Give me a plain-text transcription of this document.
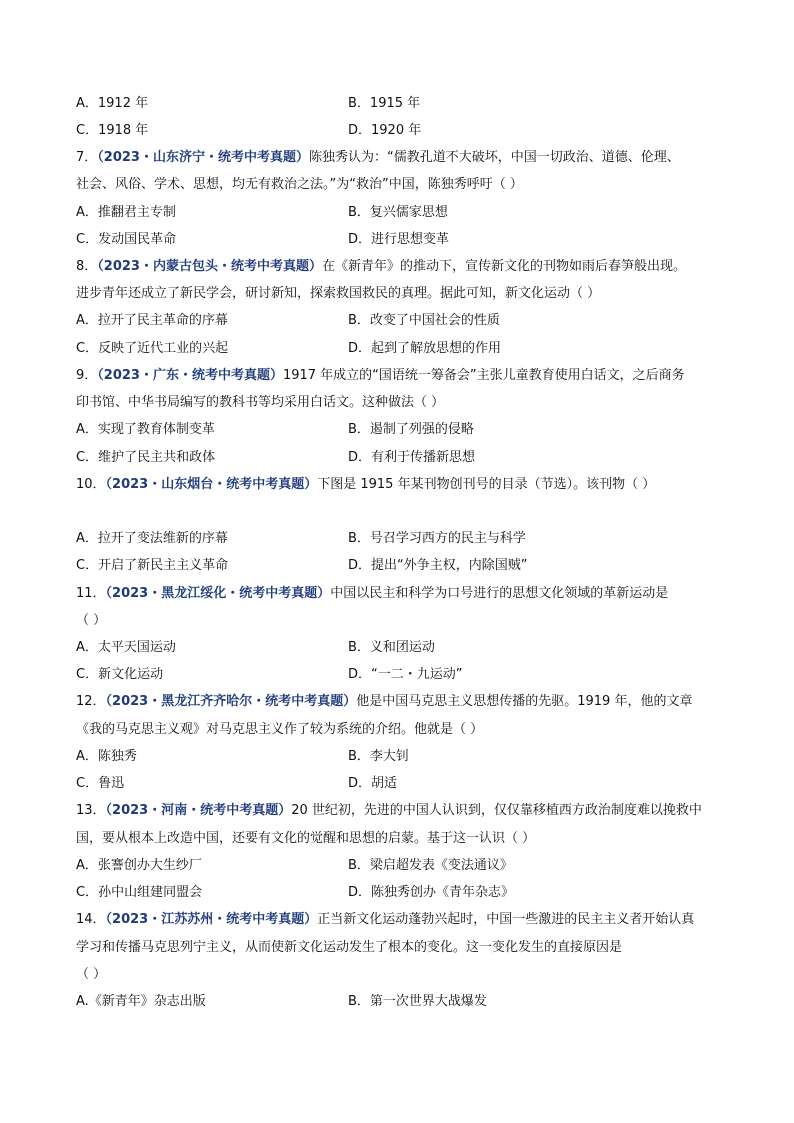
A．1912 年	B．1915 年
C．1918 年	D．1920 年
7．（2023・山东济宁・统考中考真题）陈独秀认为：“儒教孔道不大破坏，中国一切政治、道德、伦理、
社会、风俗、学术、思想，均无有救治之法。”为“救治”中国，陈独秀呼吁（ ）
A．推翻君主专制	B．复兴儒家思想
C．发动国民革命	D．进行思想变革
8．（2023・内蒙古包头・统考中考真题）在《新青年》的推动下，宣传新文化的刊物如雨后春笋般出现。
进步青年还成立了新民学会，研讨新知，探索救国救民的真理。据此可知，新文化运动（ ）
A．拉开了民主革命的序幕	B．改变了中国社会的性质
C．反映了近代工业的兴起	D．起到了解放思想的作用
9．（2023・广东・统考中考真题）1917 年成立的“国语统一筹备会”主张儿童教育使用白话文，之后商务
印书馆、中华书局编写的教科书等均采用白话文。这种做法（ ）
A．实现了教育体制变革	B．遏制了列强的侵略
C．维护了民主共和政体	D．有利于传播新思想
10．（2023・山东烟台・统考中考真题）下图是 1915 年某刊物创刊号的目录（节选）。该刊物（ ）
A．拉开了变法维新的序幕	B．号召学习西方的民主与科学
C．开启了新民主主义革命	D．提出“外争主权，内除国贼”
11．（2023・黑龙江绥化・统考中考真题）中国以民主和科学为口号进行的思想文化领域的革新运动是
（ ）
A．太平天国运动	B．义和团运动
C．新文化运动	D．“一二・九运动”
12．（2023・黑龙江齐齐哈尔・统考中考真题）他是中国马克思主义思想传播的先驱。1919 年，他的文章
《我的马克思主义观》对马克思主义作了较为系统的介绍。他就是（ ）
A．陈独秀	B．李大钊
C．鲁迅	D．胡适
13．（2023・河南・统考中考真题）20 世纪初，先进的中国人认识到，仅仅靠移植西方政治制度难以挽救中
国，要从根本上改造中国，还要有文化的觉醒和思想的启蒙。基于这一认识（ ）
A．张謇创办大生纱厂	B．梁启超发表《变法通议》
C．孙中山组建同盟会	D．陈独秀创办《青年杂志》
14．（2023・江苏苏州・统考中考真题）正当新文化运动蓬勃兴起时，中国一些激进的民主主义者开始认真
学习和传播马克思列宁主义，从而使新文化运动发生了根本的变化。这一变化发生的直接原因是
（ ）
A.《新青年》杂志出版	B．第一次世界大战爆发
